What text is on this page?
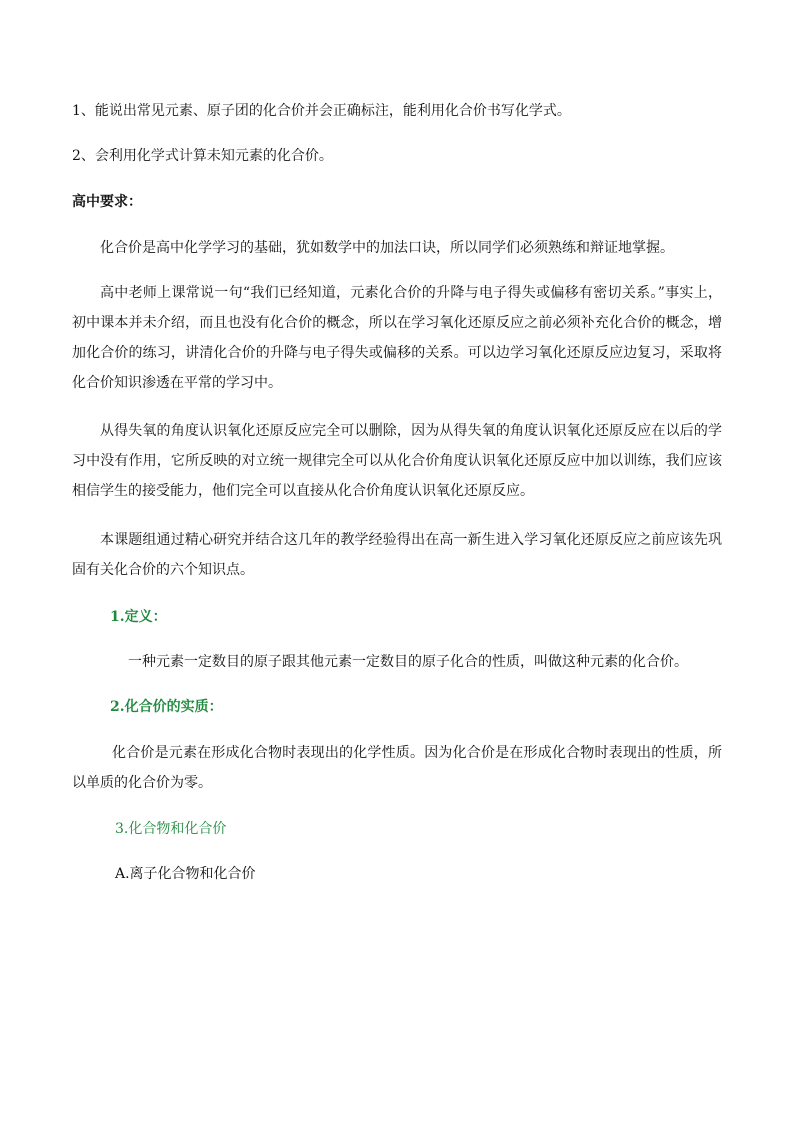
1、能说出常见元素、原子团的化合价并会正确标注，能利用化合价书写化学式。
2、会利用化学式计算未知元素的化合价。
高中要求：
化合价是高中化学学习的基础，犹如数学中的加法口诀，所以同学们必须熟练和辩证地掌握。
高中老师上课常说一句“我们已经知道，元素化合价的升降与电子得失或偏移有密切关系。”事实上，初中课本并未介绍，而且也没有化合价的概念，所以在学习氧化还原反应之前必须补充化合价的概念，增加化合价的练习，讲清化合价的升降与电子得失或偏移的关系。可以边学习氧化还原反应边复习，采取将化合价知识渗透在平常的学习中。
从得失氧的角度认识氧化还原反应完全可以删除，因为从得失氧的角度认识氧化还原反应在以后的学习中没有作用，它所反映的对立统一规律完全可以从化合价角度认识氧化还原反应中加以训练，我们应该相信学生的接受能力，他们完全可以直接从化合价角度认识氧化还原反应。
本课题组通过精心研究并结合这几年的教学经验得出在高一新生进入学习氧化还原反应之前应该先巩固有关化合价的六个知识点。
1.定义：
一种元素一定数目的原子跟其他元素一定数目的原子化合的性质，叫做这种元素的化合价。
2.化合价的实质：
化合价是元素在形成化合物时表现出的化学性质。因为化合价是在形成化合物时表现出的性质，所以单质的化合价为零。
3.化合物和化合价
A.离子化合物和化合价
